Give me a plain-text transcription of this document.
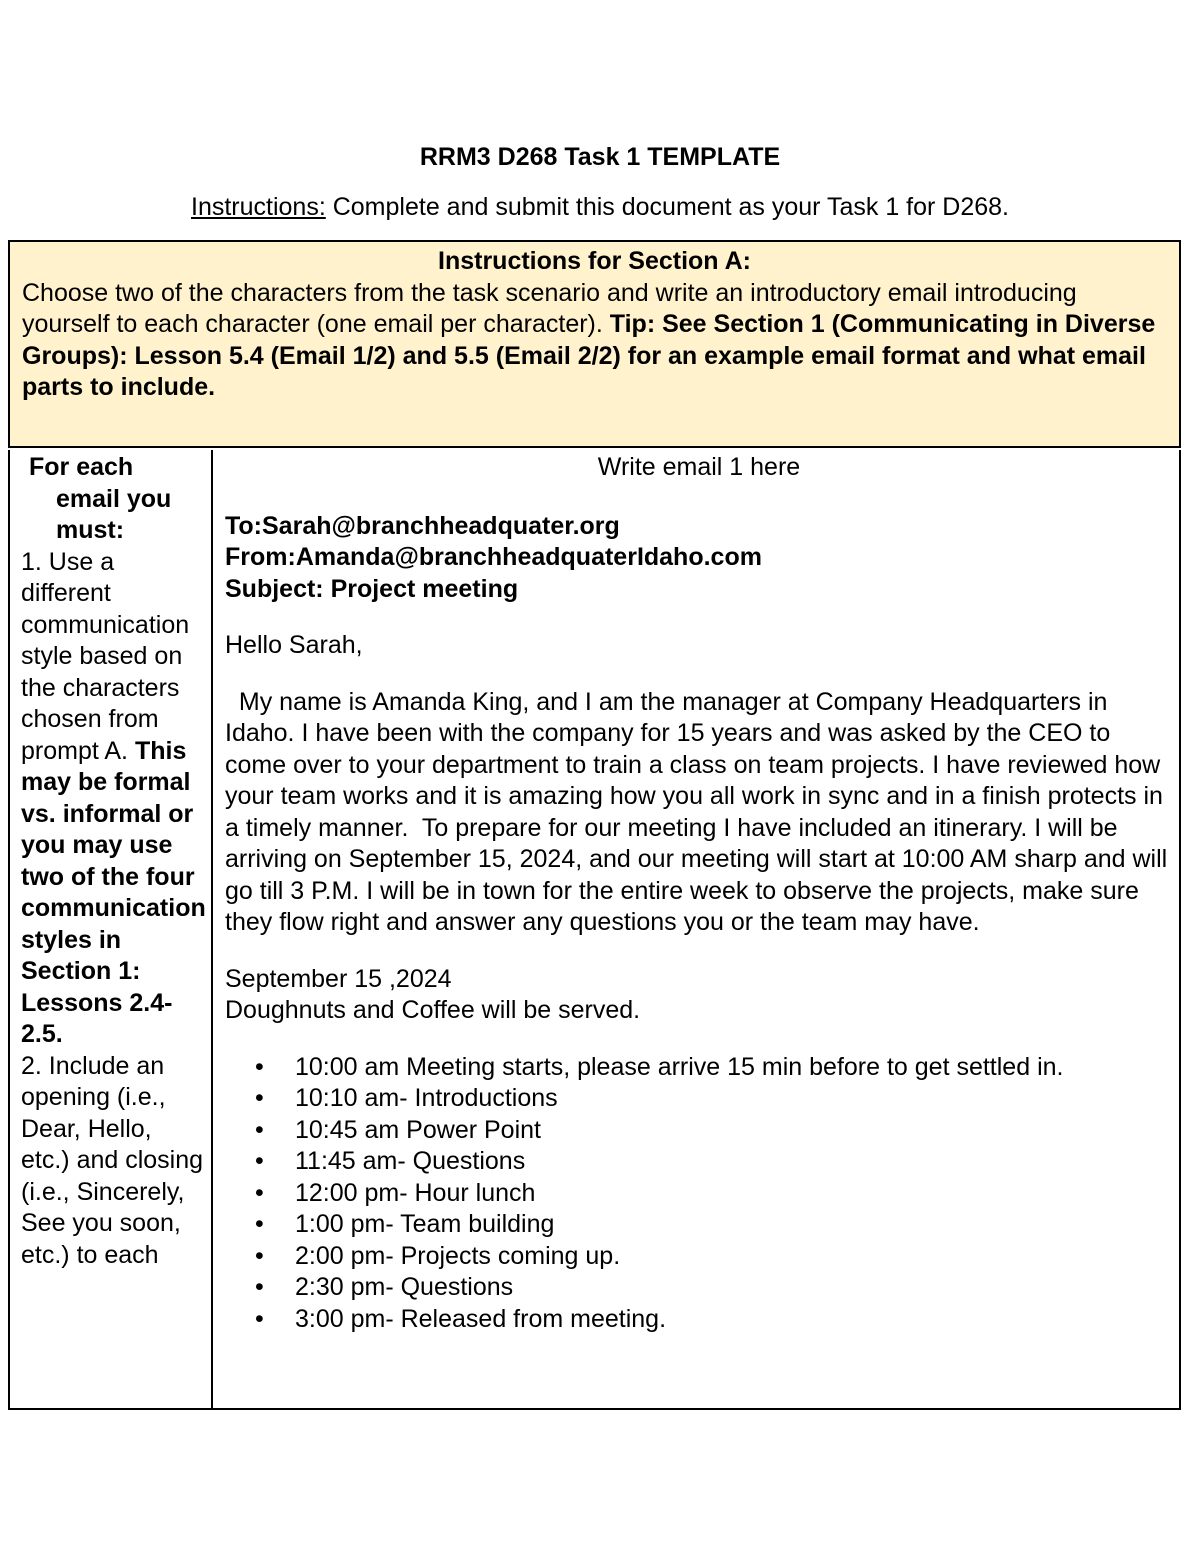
RRM3 D268 Task 1 TEMPLATE
Instructions: Complete and submit this document as your Task 1 for D268.
Instructions for Section A:
Choose two of the characters from the task scenario and write an introductory email introducing yourself to each character (one email per character). Tip: See Section 1 (Communicating in Diverse Groups): Lesson 5.4 (Email 1/2) and 5.5 (Email 2/2) for an example email format and what email parts to include.
For each
email you must:
1. Use a different communication style based on the characters chosen from prompt A. This may be formal vs. informal or you may use two of the four communication styles in Section 1: Lessons 2.4-2.5.
2. Include an opening (i.e., Dear, Hello, etc.) and closing (i.e., Sincerely, See you soon, etc.) to each
Write email 1 here
To:Sarah@branchheadquater.org
From:Amanda@branchheadquaterIdaho.com
Subject: Project meeting
Hello Sarah,
My name is Amanda King, and I am the manager at Company Headquarters in Idaho. I have been with the company for 15 years and was asked by the CEO to come over to your department to train a class on team projects. I have reviewed how your team works and it is amazing how you all work in sync and in a finish protects in a timely manner.  To prepare for our meeting I have included an itinerary. I will be arriving on September 15, 2024, and our meeting will start at 10:00 AM sharp and will go till 3 P.M. I will be in town for the entire week to observe the projects, make sure they flow right and answer any questions you or the team may have.
September 15 ,2024
Doughnuts and Coffee will be served.
• 10:00 am Meeting starts, please arrive 15 min before to get settled in.
• 10:10 am- Introductions
• 10:45 am Power Point
• 11:45 am- Questions
• 12:00 pm- Hour lunch
• 1:00 pm- Team building
• 2:00 pm- Projects coming up.
• 2:30 pm- Questions
• 3:00 pm- Released from meeting.
